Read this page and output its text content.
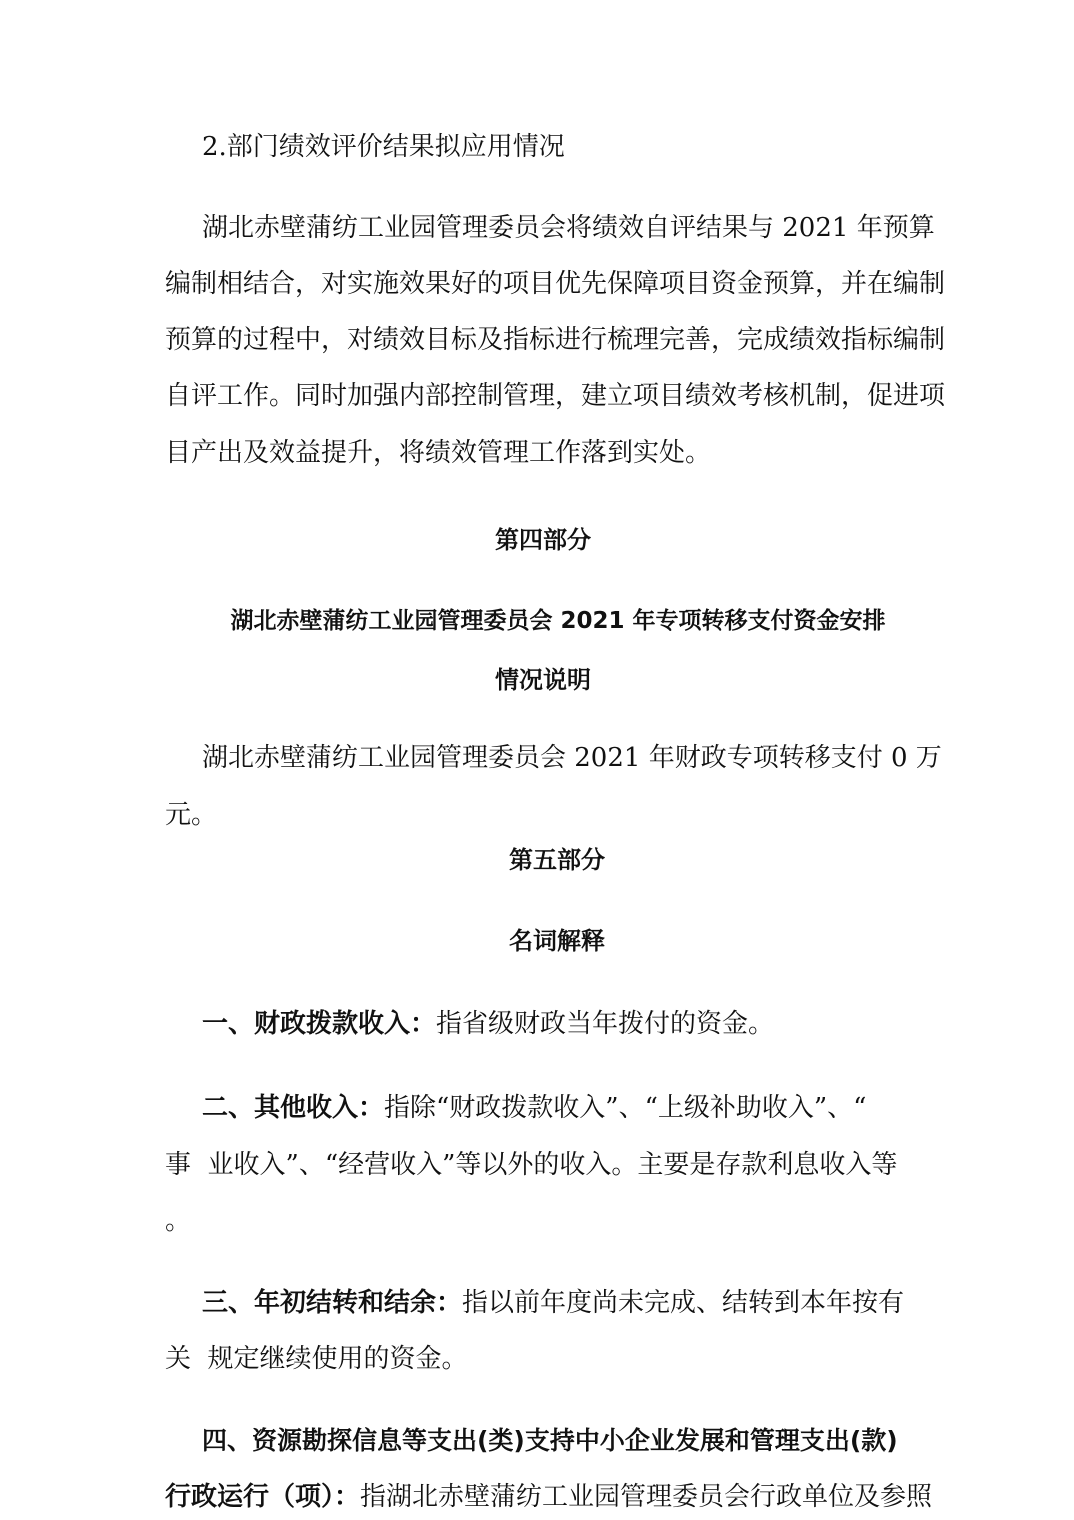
2.部门绩效评价结果拟应用情况
湖北赤壁蒲纺工业园管理委员会将绩效自评结果与 2021 年预算
编制相结合，对实施效果好的项目优先保障项目资金预算，并在编制
预算的过程中，对绩效目标及指标进行梳理完善，完成绩效指标编制
自评工作。同时加强内部控制管理，建立项目绩效考核机制，促进项
目产出及效益提升，将绩效管理工作落到实处。
第四部分
湖北赤壁蒲纺工业园管理委员会 2021 年专项转移支付资金安排
情况说明
湖北赤壁蒲纺工业园管理委员会 2021 年财政专项转移支付 0 万
元。
第五部分
名词解释
一、财政拨款收入：指省级财政当年拨付的资金。
二、其他收入：指除“财政拨款收入”、“上级补助收入”、“
事  业收入”、“经营收入”等以外的收入。主要是存款利息收入等
。
三、年初结转和结余：指以前年度尚未完成、结转到本年按有
关  规定继续使用的资金。
四、资源勘探信息等支出(类)支持中小企业发展和管理支出(款)
行政运行（项）：指湖北赤壁蒲纺工业园管理委员会行政单位及参照
